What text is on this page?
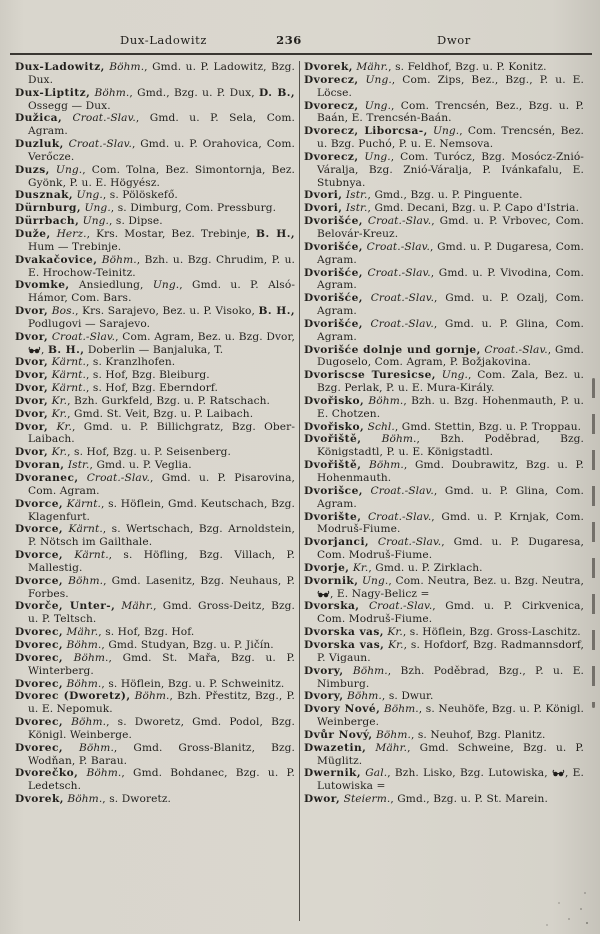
Dux-Ladowitz	236	Dwor

Dux-Ladowitz, Böhm., Gmd. u. P. Ladowitz, Bzg. Dux.

Dux-Liptitz, Böhm., Gmd., Bzg. u. P. Dux, D. B., Ossegg — Dux.

Dužica, Croat.-Slav., Gmd. u. P. Sela, Com. Agram.

Duzluk, Croat.-Slav., Gmd. u. P. Orahovica, Com. Verőcze.

Duzs, Ung., Com. Tolna, Bez. Simontornja, Bez. Gyönk, P. u. E. Högyész.

Dusznak, Ung., s. Pölöskefő.

Dürnburg, Ung., s. Dimburg, Com. Pressburg.

Dürrbach, Ung., s. Dipse.

Duže, Herz., Krs. Mostar, Bez. Trebinje, B. H., Hum — Trebinje.

Dvakačovice, Böhm., Bzh. u. Bzg. Chrudim, P. u. E. Hrochow-Teinitz.

Dvomke, Ansiedlung, Ung., Gmd. u. P. Alsó-Hámor, Com. Bars.

Dvor, Bos., Krs. Sarajevo, Bez. u. P. Visoko, B. H., Podlugovi — Sarajevo.

Dvor, Croat.-Slav., Com. Agram, Bez. u. Bzg. Dvor,
, B. H., Doberlin — Banjaluka, T.

Dvor, Kärnt., s. Kranzlhofen.

Dvor, Kärnt., s. Hof, Bzg. Bleiburg.

Dvor, Kärnt., s. Hof, Bzg. Eberndorf.

Dvor, Kr., Bzh. Gurkfeld, Bzg. u. P. Ratschach.

Dvor, Kr., Gmd. St. Veit, Bzg. u. P. Laibach.

Dvor, Kr., Gmd. u. P. Billichgratz, Bzg. Ober-Laibach.

Dvor, Kr., s. Hof, Bzg. u. P. Seisenberg.

Dvoran, Istr., Gmd. u. P. Veglia.

Dvoranec, Croat.-Slav., Gmd. u. P. Pisarovina, Com. Agram.

Dvorce, Kärnt., s. Höflein, Gmd. Keutschach, Bzg. Klagenfurt.

Dvorce, Kärnt., s. Wertschach, Bzg. Arnoldstein, P. Nötsch im Gailthale.

Dvorce, Kärnt., s. Höfling, Bzg. Villach, P. Mallestig.

Dvorce, Böhm., Gmd. Lasenitz, Bzg. Neuhaus, P. Forbes.

Dvorče, Unter-, Mähr., Gmd. Gross-Deitz, Bzg. u. P. Teltsch.

Dvorec, Mähr., s. Hof, Bzg. Hof.

Dvorec, Böhm., Gmd. Studyan, Bzg. u. P. Jičín.

Dvorec, Böhm., Gmd. St. Mařa, Bzg. u. P. Winterberg.

Dvorec, Böhm., s. Höflein, Bzg. u. P. Schweinitz.

Dvorec (Dworetz), Böhm., Bzh. Přestitz, Bzg., P. u. E. Nepomuk.

Dvorec, Böhm., s. Dworetz, Gmd. Podol, Bzg. Königl. Weinberge.

Dvorec, Böhm., Gmd. Gross-Blanitz, Bzg. Wodňan, P. Barau.

Dvorečko, Böhm., Gmd. Bohdanec, Bzg. u. P. Ledetsch.

Dvorek, Böhm., s. Dworetz.

Dvorek, Mähr., s. Feldhof, Bzg. u. P. Konitz.

Dvorecz, Ung., Com. Zips, Bez., Bzg., P. u. E. Löcse.

Dvorecz, Ung., Com. Trencsén, Bez., Bzg. u. P. Baán, E. Trencsén-Baán.

Dvorecz, Liborcsa-, Ung., Com. Trencsén, Bez. u. Bzg. Puchó, P. u. E. Nemsova.

Dvorecz, Ung., Com. Turócz, Bzg. Mosócz-Znió-Váralja, Bzg. Znió-Váralja, P. Ivánkafalu, E. Stubnya.

Dvori, Istr., Gmd., Bzg. u. P. Pinguente.

Dvori, Istr., Gmd. Decani, Bzg. u. P. Capo d'Istria.

Dvorišće, Croat.-Slav., Gmd. u. P. Vrbovec, Com. Belovár-Kreuz.

Dvorišće, Croat.-Slav., Gmd. u. P. Dugaresa, Com. Agram.

Dvorišće, Croat.-Slav., Gmd. u. P. Vivodina, Com. Agram.

Dvorišće, Croat.-Slav., Gmd. u. P. Ozalj, Com. Agram.

Dvorišće, Croat.-Slav., Gmd. u. P. Glina, Com. Agram.

Dvorišće dolnje und gornje, Croat.-Slav., Gmd. Dugoselo, Com. Agram, P. Božjakovina.

Dvoriscse Turesicse, Ung., Com. Zala, Bez. u. Bzg. Perlak, P. u. E. Mura-Király.

Dvořisko, Böhm., Bzh. u. Bzg. Hohenmauth, P. u. E. Chotzen.

Dvořisko, Schl., Gmd. Stettin, Bzg. u. P. Troppau.

Dvořiště, Böhm., Bzh. Poděbrad, Bzg. Königstadtl, P. u. E. Königstadtl.

Dvořiště, Böhm., Gmd. Doubrawitz, Bzg. u. P. Hohenmauth.

Dvorišce, Croat.-Slav., Gmd. u. P. Glina, Com. Agram.

Dvorište, Croat.-Slav., Gmd. u. P. Krnjak, Com. Modruš-Fiume.

Dvorjanci, Croat.-Slav., Gmd. u. P. Dugaresa, Com. Modruš-Fiume.

Dvorje, Kr., Gmd. u. P. Zirklach.

Dvornik, Ung., Com. Neutra, Bez. u. Bzg. Neutra,
, E. Nagy-Belicz =

Dvorska, Croat.-Slav., Gmd. u. P. Cirkvenica, Com. Modruš-Fiume.

Dvorska vas, Kr., s. Höflein, Bzg. Gross-Laschitz.

Dvorska vas, Kr., s. Hofdorf, Bzg. Radmannsdorf, P. Vigaun.

Dvory, Böhm., Bzh. Poděbrad, Bzg., P. u. E. Nimburg.

Dvory, Böhm., s. Dwur.

Dvory Nové, Böhm., s. Neuhöfe, Bzg. u. P. Königl. Weinberge.

Dvůr Nový, Böhm., s. Neuhof, Bzg. Planitz.

Dwazetin, Mähr., Gmd. Schweine, Bzg. u. P. Müglitz.

Dwernik, Gal., Bzh. Lisko, Bzg. Lutowiska,
, E. Lutowiska =

Dwor, Steierm., Gmd., Bzg. u. P. St. Marein.
